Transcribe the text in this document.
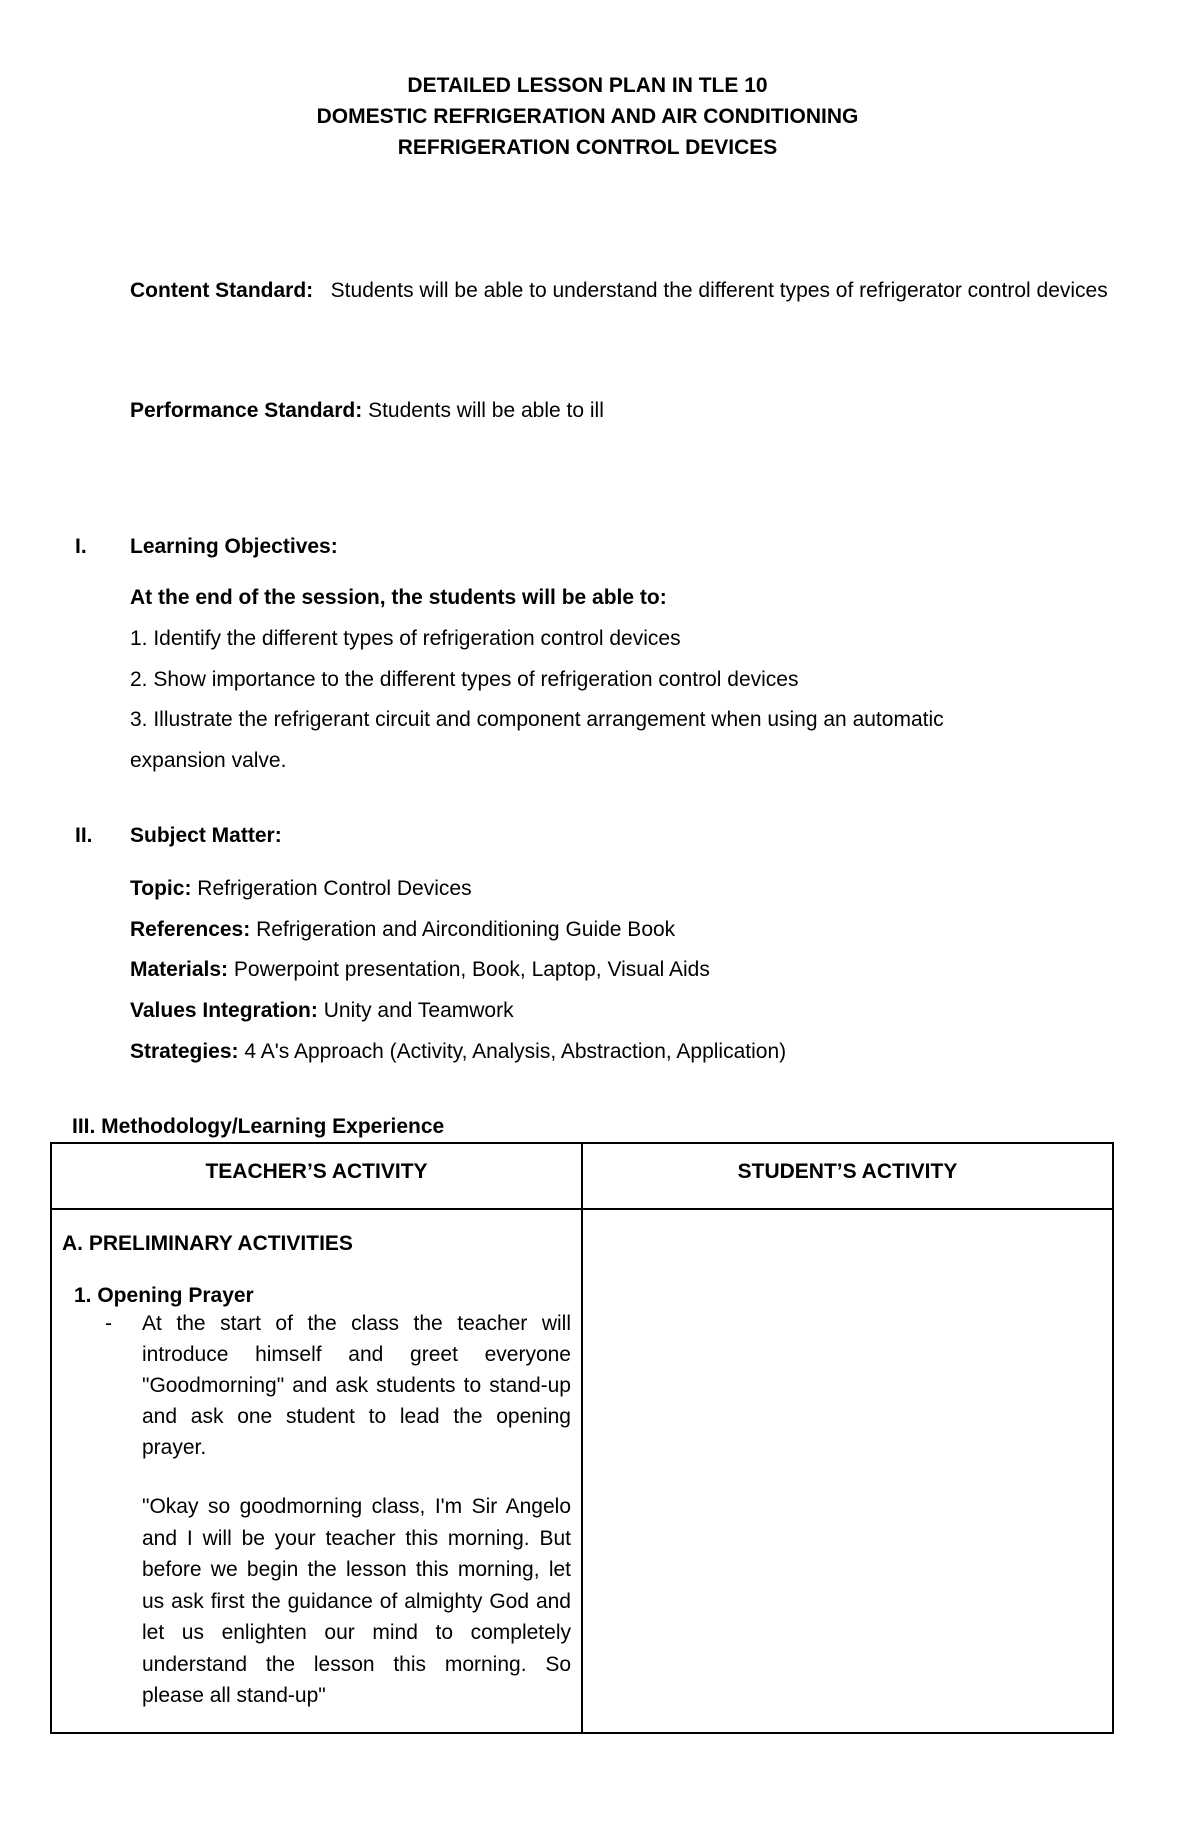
DETAILED LESSON PLAN IN TLE 10
DOMESTIC REFRIGERATION AND AIR CONDITIONING
REFRIGERATION CONTROL DEVICES
Content Standard: Students will be able to understand the different types of refrigerator control devices
Performance Standard: Students will be able to ill
I. Learning Objectives:
At the end of the session, the students will be able to:
1. Identify the different types of refrigeration control devices
2. Show importance to the different types of refrigeration control devices
3. Illustrate the refrigerant circuit and component arrangement when using an automatic
expansion valve.
II. Subject Matter:
Topic: Refrigeration Control Devices
References: Refrigeration and Airconditioning Guide Book
Materials: Powerpoint presentation, Book, Laptop, Visual Aids
Values Integration: Unity and Teamwork
Strategies: 4 A's Approach (Activity, Analysis, Abstraction, Application)
III. Methodology/Learning Experience
TEACHER’S ACTIVITY	STUDENT’S ACTIVITY

A. PRELIMINARY ACTIVITIES
1. Opening Prayer
- At the start of the class the teacher will introduce himself and greet everyone "Goodmorning" and ask students to stand-up and ask one student to lead the opening prayer.
"Okay so goodmorning class, I'm Sir Angelo and I will be your teacher this morning. But before we begin the lesson this morning, let us ask first the guidance of almighty God and let us enlighten our mind to completely understand the lesson this morning. So please all stand-up"	
